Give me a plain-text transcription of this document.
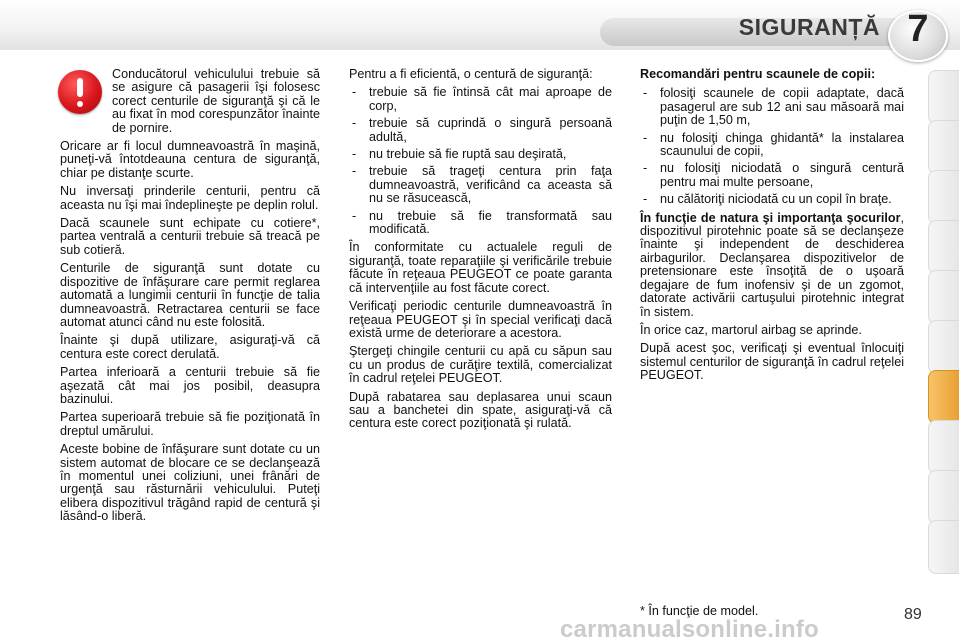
SIGURANȚĂ 7

Conducătorul vehiculului trebuie să se asigure că pasagerii îşi folosesc corect centurile de siguranţă şi că le au fixat în mod corespunzător înainte de pornire.

Oricare ar fi locul dumneavoastră în maşină, puneţi-vă întotdeauna centura de siguranţă, chiar pe distanţe scurte.

Nu inversaţi prinderile centurii, pentru că aceasta nu îşi mai îndeplineşte pe deplin rolul.

Dacă scaunele sunt echipate cu cotiere*, partea ventrală a centurii trebuie să treacă pe sub cotieră.

Centurile de siguranţă sunt dotate cu dispozitive de înfăşurare care permit reglarea automată a lungimii centurii în funcţie de talia dumneavoastră. Retractarea centurii se face automat atunci când nu este folosită.

Înainte şi după utilizare, asiguraţi-vă că centura este corect derulată.

Partea inferioară a centurii trebuie să fie aşezată cât mai jos posibil, deasupra bazinului.

Partea superioară trebuie să fie poziţionată în dreptul umărului.

Aceste bobine de înfăşurare sunt dotate cu un sistem automat de blocare ce se declanşează în momentul unei coliziuni, unei frânări de urgenţă sau răsturnării vehiculului. Puteţi elibera dispozitivul trăgând rapid de centură şi lăsând-o liberă.

Pentru a fi eficientă, o centură de siguranţă:

- trebuie să fie întinsă cât mai aproape de corp,
- trebuie să cuprindă o singură persoană adultă,
- nu trebuie să fie ruptă sau deşirată,
- trebuie să trageţi centura prin faţa dumneavoastră, verificând ca aceasta să nu se răsucească,
- nu trebuie să fie transformată sau modificată.

În conformitate cu actualele reguli de siguranţă, toate reparaţiile şi verificările trebuie făcute în reţeaua PEUGEOT ce poate garanta că intervenţiile au fost făcute corect.

Verificaţi periodic centurile dumneavoastră în reţeaua PEUGEOT şi în special verificaţi dacă există urme de deteriorare a acestora.

Ştergeţi chingile centurii cu apă cu săpun sau cu un produs de curăţire textilă, comercializat în cadrul reţelei PEUGEOT.

După rabatarea sau deplasarea unui scaun sau a banchetei din spate, asiguraţi-vă că centura este corect poziţionată şi rulată.

Recomandări pentru scaunele de copii:

- folosiţi scaunele de copii adaptate, dacă pasagerul are sub 12 ani sau măsoară mai puţin de 1,50 m,
- nu folosiţi chinga ghidantă* la instalarea scaunului de copii,
- nu folosiţi niciodată o singură centură pentru mai multe persoane,
- nu călătoriţi niciodată cu un copil în braţe.

În funcţie de natura şi importanţa şocurilor, dispozitivul pirotehnic poate să se declanşeze înainte şi independent de deschiderea airbagurilor. Declanşarea dispozitivelor de pretensionare este însoţită de o uşoară degajare de fum inofensiv şi de un zgomot, datorate activării cartuşului pirotehnic integrat în sistem.

În orice caz, martorul airbag se aprinde.

După acest şoc, verificaţi şi eventual înlocuiţi sistemul centurilor de siguranţă în cadrul reţelei PEUGEOT.

* În funcţie de model.	89
carmanualsonline.info
